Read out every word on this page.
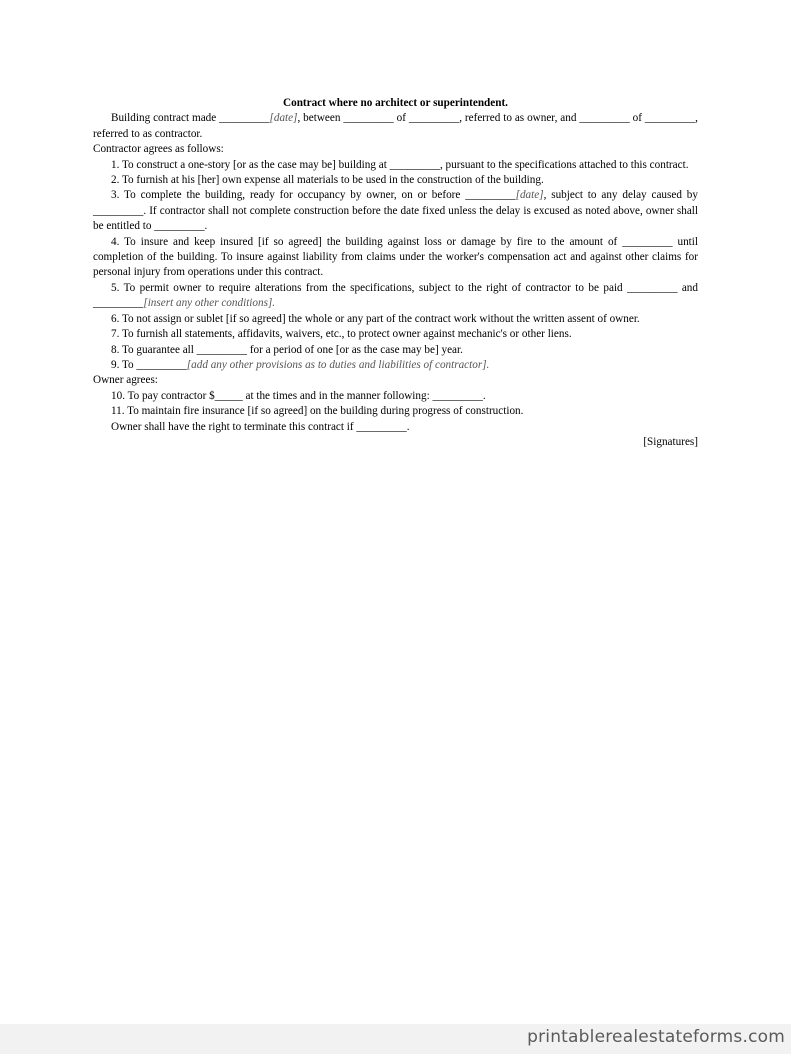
Contract where no architect or superintendent.

Building contract made _________[date], between _________ of _________, referred to as owner, and _________ of _________, referred to as contractor.

Contractor agrees as follows:

1. To construct a one-story [or as the case may be] building at _________, pursuant to the specifications attached to this contract.

2. To furnish at his [her] own expense all materials to be used in the construction of the building.

3. To complete the building, ready for occupancy by owner, on or before _________[date], subject to any delay caused by _________. If contractor shall not complete construction before the date fixed unless the delay is excused as noted above, owner shall be entitled to _________.

4. To insure and keep insured [if so agreed] the building against loss or damage by fire to the amount of _________ until completion of the building. To insure against liability from claims under the worker's compensation act and against other claims for personal injury from operations under this contract.

5. To permit owner to require alterations from the specifications, subject to the right of contractor to be paid _________ and _________[insert any other conditions].

6. To not assign or sublet [if so agreed] the whole or any part of the contract work without the written assent of owner.

7. To furnish all statements, affidavits, waivers, etc., to protect owner against mechanic's or other liens.

8. To guarantee all _________ for a period of one [or as the case may be] year.

9. To _________[add any other provisions as to duties and liabilities of contractor].

Owner agrees:

10. To pay contractor $_____ at the times and in the manner following: _________.

11. To maintain fire insurance [if so agreed] on the building during progress of construction.

Owner shall have the right to terminate this contract if _________.

[Signatures]

printablerealestateforms.com
